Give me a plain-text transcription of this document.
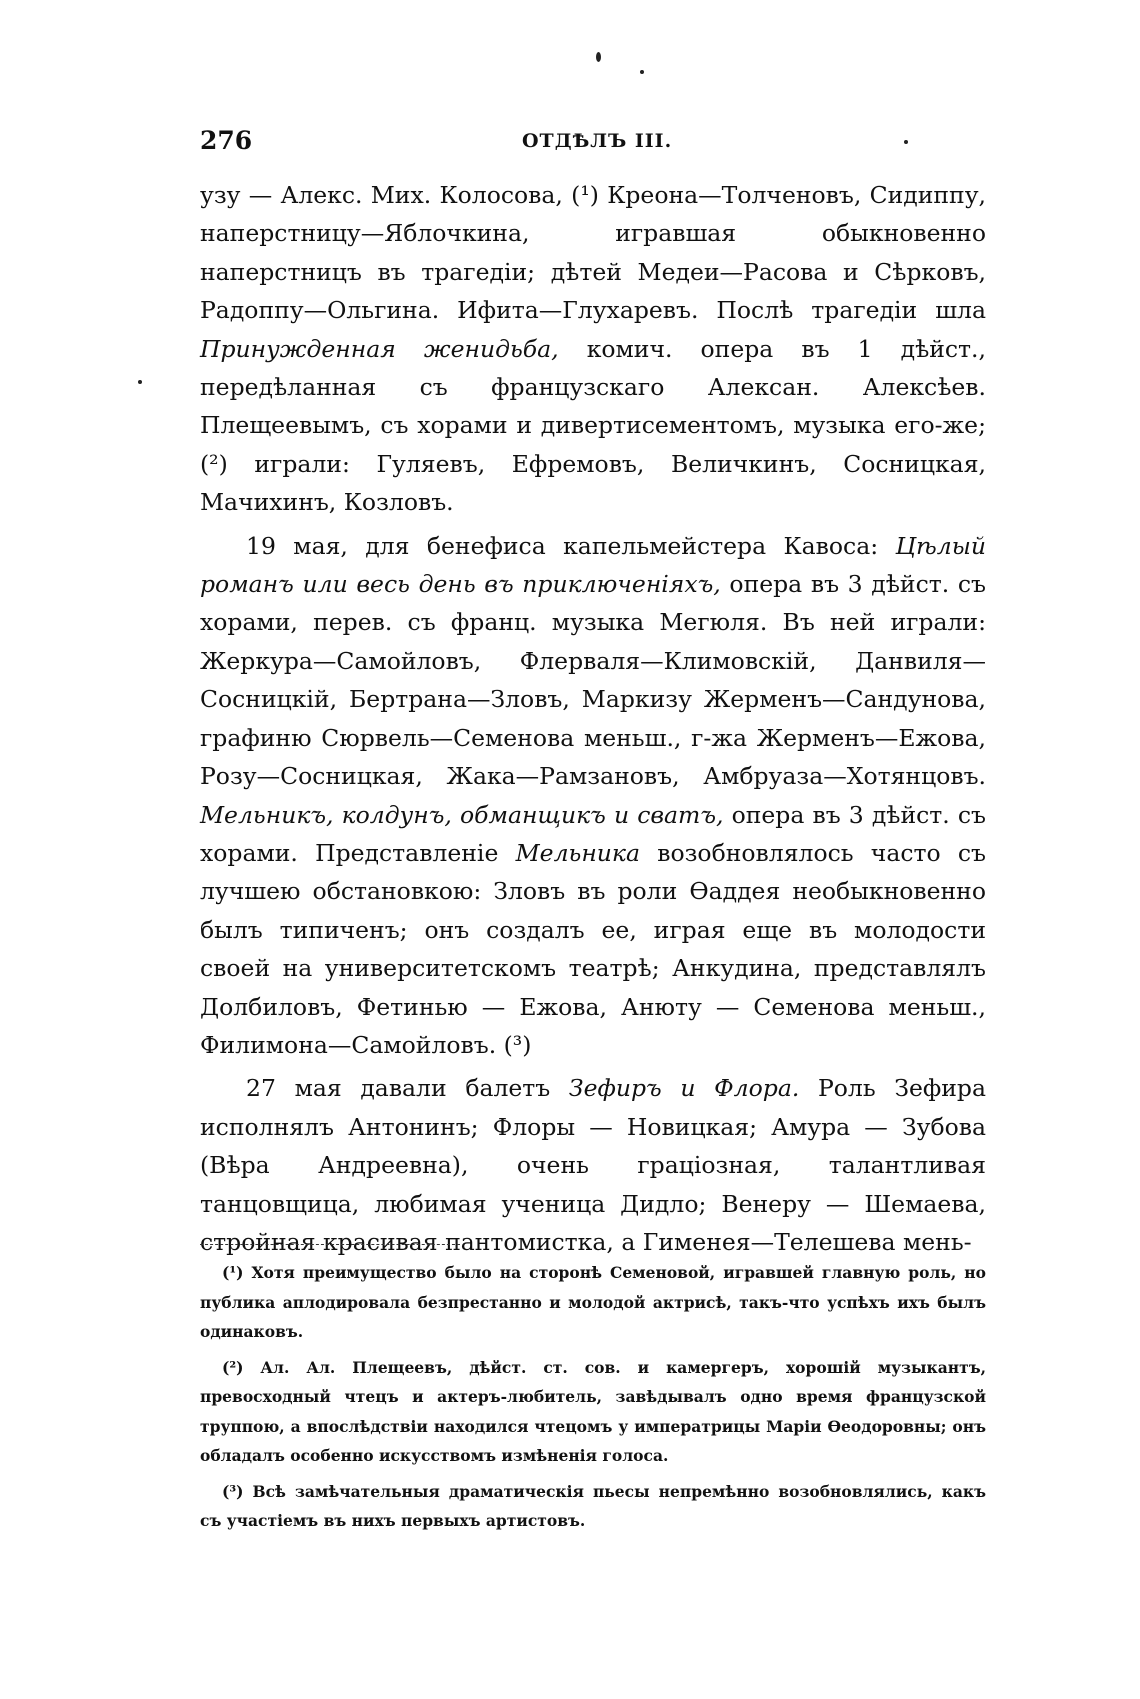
276	ОТДѢЛЪ III.

узу — Алекс. Мих. Колосова, (¹) Креона—Толченовъ, Сидиппу, наперстницу—Яблочкина, игравшая обыкновенно наперстницъ въ трагедіи; дѣтей Медеи—Расова и Сѣрковъ, Радоппу—Ольгина. Ифита—Глухаревъ. Послѣ трагедіи шла Принужденная женидьба, комич. опера въ 1 дѣйст., передѣланная съ французскаго Алексан. Алексѣев. Плещеевымъ, съ хорами и дивертисементомъ, музыка его-же; (²) играли: Гуляевъ, Ефремовъ, Величкинъ, Сосницкая, Мачихинъ, Козловъ.

19 мая, для бенефиса капельмейстера Кавоса: Цѣлый романъ или весь день въ приключеніяхъ, опера въ 3 дѣйст. съ хорами, перев. съ франц. музыка Мегюля. Въ ней играли: Жеркура—Самойловъ, Флерваля—Климовскій, Данвиля—Сосницкій, Бертрана—Зловъ, Маркизу Жерменъ—Сандунова, графиню Сюрвель—Семенова меньш., г-жа Жерменъ—Ежова, Розу—Сосницкая, Жака—Рамзановъ, Амбруаза—Хотянцовъ. Мельникъ, колдунъ, обманщикъ и сватъ, опера въ 3 дѣйст. съ хорами. Представленіе Мельника возобновлялось часто съ лучшею обстановкою: Зловъ въ роли Ѳаддея необыкновенно былъ типиченъ; онъ создалъ ее, играя еще въ молодости своей на университетскомъ театрѣ; Анкудина, представлялъ Долбиловъ, Фетинью — Ежова, Анюту — Семенова меньш., Филимона—Самойловъ. (³)

27 мая давали балетъ Зефиръ и Флора. Роль Зефира исполнялъ Антонинъ; Флоры — Новицкая; Амура — Зубова (Вѣра Андреевна), очень граціозная, талантливая танцовщица, любимая ученица Дидло; Венеру — Шемаева, стройная красивая пантомистка, а Гименея—Телешева мень-

(¹) Хотя преимущество было на сторонѣ Семеновой, игравшей главную роль, но публика аплодировала безпрестанно и молодой актрисѣ, такъ-что успѣхъ ихъ былъ одинаковъ.

(²) Ал. Ал. Плещеевъ, дѣйст. ст. сов. и камергеръ, хорошій музыкантъ, превосходный чтецъ и актеръ-любитель, завѣдывалъ одно время французской труппою, а впослѣдствіи находился чтецомъ у императрицы Маріи Ѳеодоровны; онъ обладалъ особенно искусствомъ измѣненія голоса.

(³) Всѣ замѣчательныя драматическія пьесы непремѣнно возобновлялись, какъ съ участіемъ въ нихъ первыхъ артистовъ.
